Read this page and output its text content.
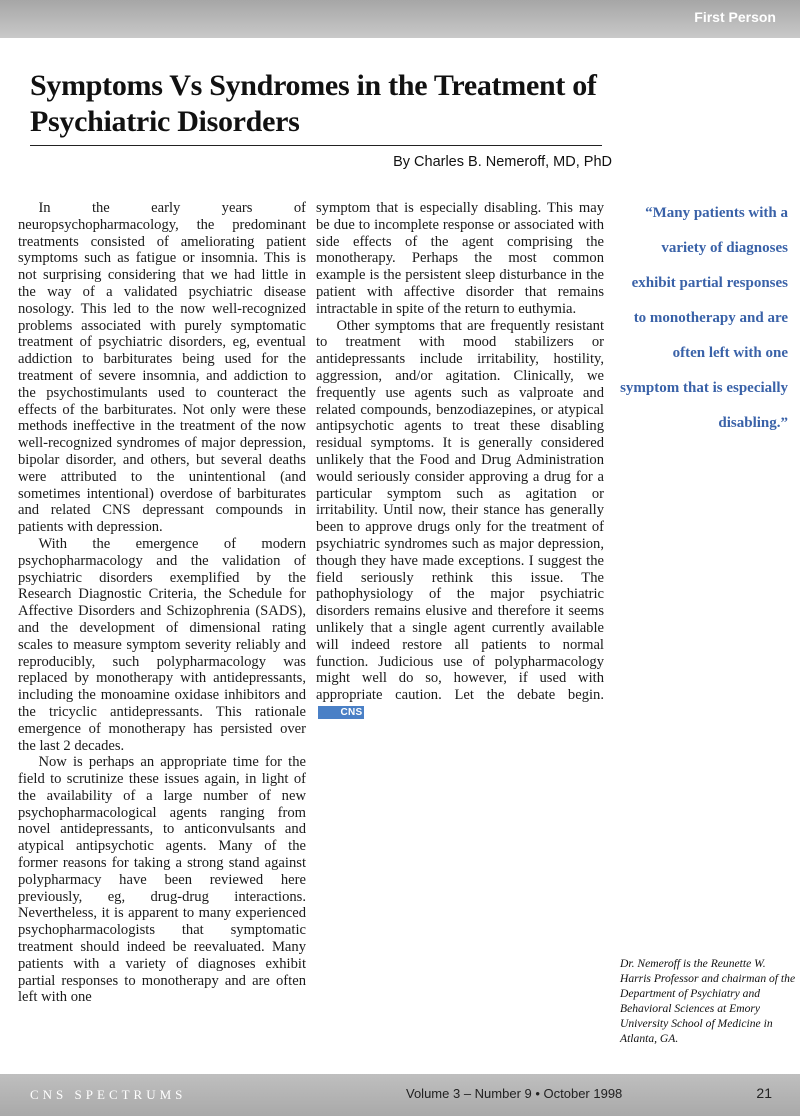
First Person
Symptoms Vs Syndromes in the Treatment of Psychiatric Disorders
By Charles B. Nemeroff, MD, PhD

In the early years of neuropsychopharmacology, the predominant treatments consisted of ameliorating patient symptoms such as fatigue or insomnia. This is not surprising considering that we had little in the way of a validated psychiatric disease nosology. This led to the now well-recognized problems associated with purely symptomatic treatment of psychiatric disorders, eg, eventual addiction to barbiturates being used for the treatment of severe insomnia, and addiction to the psychostimulants used to counteract the effects of the barbiturates. Not only were these methods ineffective in the treatment of the now well-recognized syndromes of major depression, bipolar disorder, and others, but several deaths were attributed to the unintentional (and sometimes intentional) overdose of barbiturates and related CNS depressant compounds in patients with depression.

With the emergence of modern psychopharmacology and the validation of psychiatric disorders exemplified by the Research Diagnostic Criteria, the Schedule for Affective Disorders and Schizophrenia (SADS), and the development of dimensional rating scales to measure symptom severity reliably and reproducibly, such polypharmacology was replaced by monotherapy with antidepressants, including the monoamine oxidase inhibitors and the tricyclic antidepressants. This rationale emergence of monotherapy has persisted over the last 2 decades.

Now is perhaps an appropriate time for the field to scrutinize these issues again, in light of the availability of a large number of new psychopharmacological agents ranging from novel antidepressants, to anticonvulsants and atypical antipsychotic agents. Many of the former reasons for taking a strong stand against polypharmacy have been reviewed here previously, eg, drug-drug interactions. Nevertheless, it is apparent to many experienced psychopharmacologists that symptomatic treatment should indeed be reevaluated. Many patients with a variety of diagnoses exhibit partial responses to monotherapy and are often left with one

symptom that is especially disabling. This may be due to incomplete response or associated with side effects of the agent comprising the monotherapy. Perhaps the most common example is the persistent sleep disturbance in the patient with affective disorder that remains intractable in spite of the return to euthymia.

Other symptoms that are frequently resistant to treatment with mood stabilizers or antidepressants include irritability, hostility, aggression, and/or agitation. Clinically, we frequently use agents such as valproate and related compounds, benzodiazepines, or atypical antipsychotic agents to treat these disabling residual symptoms. It is generally considered unlikely that the Food and Drug Administration would seriously consider approving a drug for a particular symptom such as agitation or irritability. Until now, their stance has generally been to approve drugs only for the treatment of psychiatric syndromes such as major depression, though they have made exceptions. I suggest the field seriously rethink this issue. The pathophysiology of the major psychiatric disorders remains elusive and therefore it seems unlikely that a single agent currently available will indeed restore all patients to normal function. Judicious use of polypharmacology might well do so, however, if used with appropriate caution. Let the debate begin. CNS

“Many patients with a variety of diagnoses exhibit partial responses to monotherapy and are often left with one symptom that is especially disabling.”

Dr. Nemeroff is the Reunette W. Harris Professor and chairman of the Department of Psychiatry and Behavioral Sciences at Emory University School of Medicine in Atlanta, GA.

CNS SPECTRUMS	Volume 3 – Number 9 • October 1998	21
